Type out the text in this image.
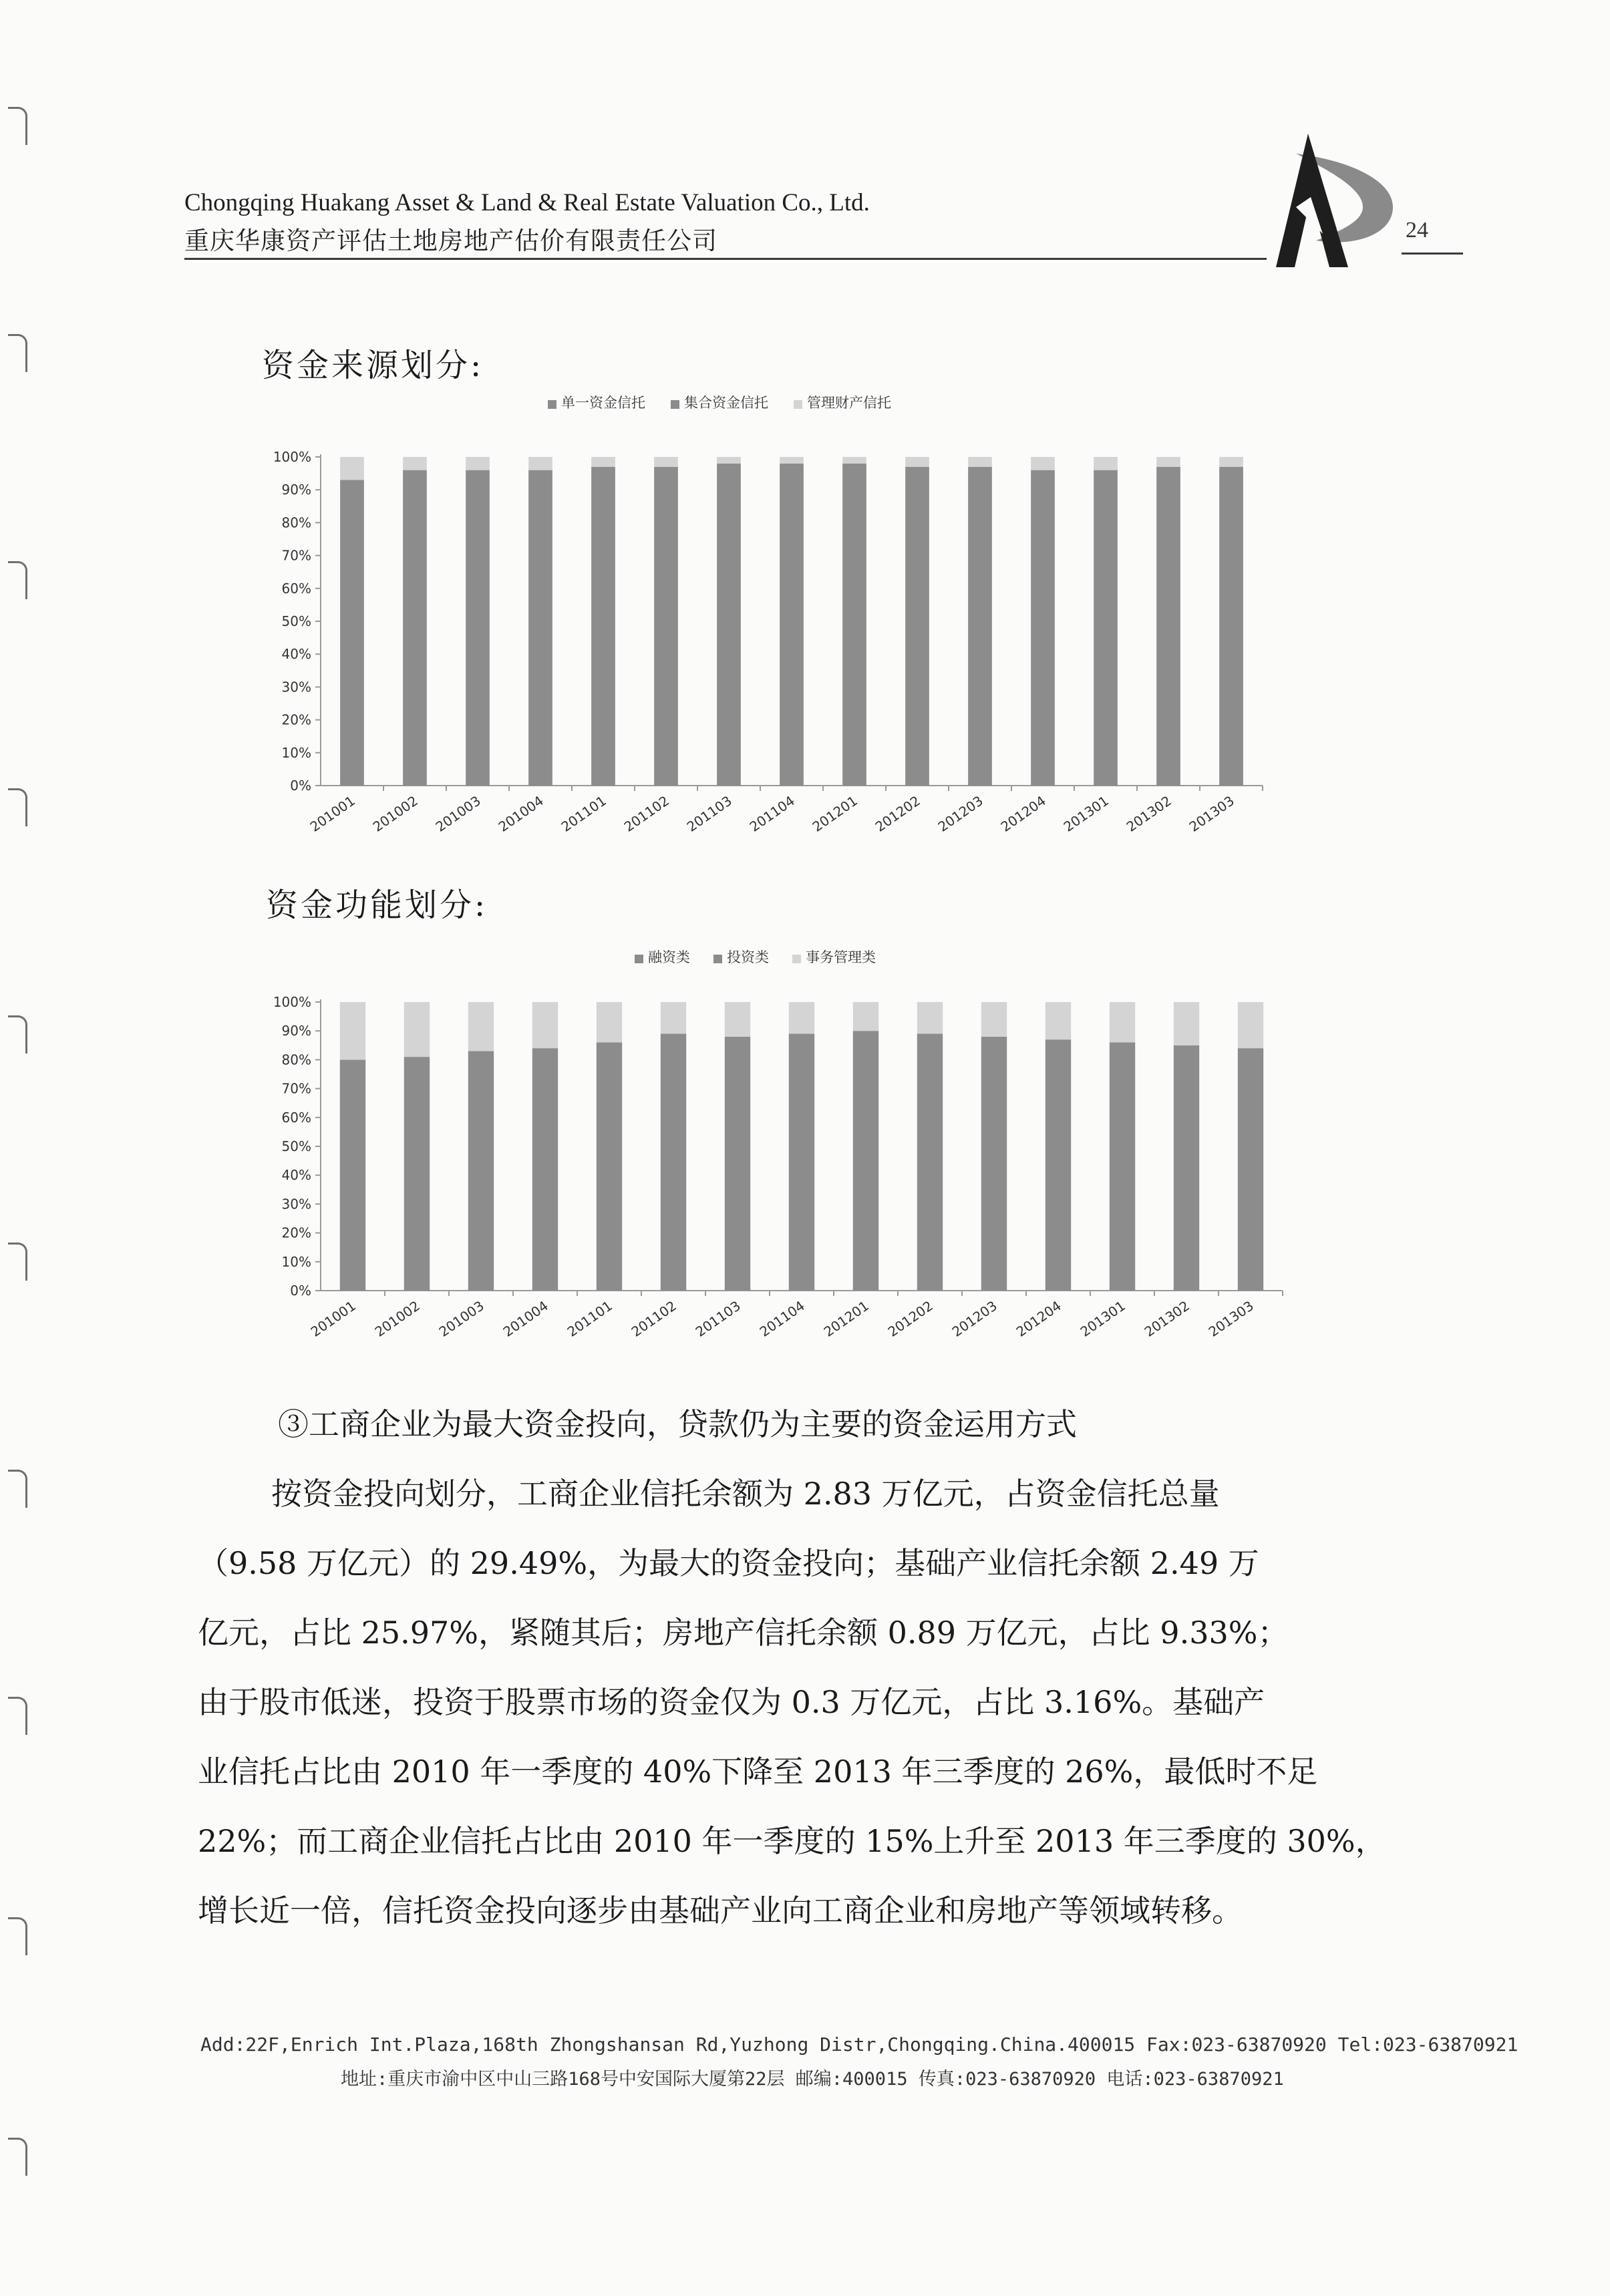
Chongqing Huakang Asset & Land & Real Estate Valuation Co., Ltd.
重庆华康资产评估土地房地产估价有限责任公司	24
资金来源划分:
单一资金信托	集合资金信托	管理财产信托
0%
10%
20%
30%
40%
50%
60%
70%
80%
90%
100%
201001 201002 201003 201004 201101 201102 201103 201104 201201 201202 201203 201204 201301 201302 201303
资金功能划分:
融资类	投资类	事务管理类
0%
10%
20%
30%
40%
50%
60%
70%
80%
90%
100%
201001 201002 201003 201004 201101 201102 201103 201104 201201 201202 201203 201204 201301 201302 201303

③工商企业为最大资金投向，贷款仍为主要的资金运用方式

按资金投向划分，工商企业信托余额为 2.83 万亿元，占资金信托总量

（9.58 万亿元）的 29.49%，为最大的资金投向；基础产业信托余额 2.49 万

亿元，占比 25.97%，紧随其后；房地产信托余额 0.89 万亿元，占比 9.33%；

由于股市低迷，投资于股票市场的资金仅为 0.3 万亿元，占比 3.16%。基础产

业信托占比由 2010 年一季度的 40%下降至 2013 年三季度的 26%，最低时不足

22%；而工商企业信托占比由 2010 年一季度的 15%上升至 2013 年三季度的 30%，

增长近一倍，信托资金投向逐步由基础产业向工商企业和房地产等领域转移。

Add:22F,Enrich Int.Plaza,168th Zhongshansan Rd,Yuzhong Distr,Chongqing.China.400015 Fax:023-63870920 Tel:023-63870921
地址:重庆市渝中区中山三路168号中安国际大厦第22层 邮编:400015 传真:023-63870920 电话:023-63870921
